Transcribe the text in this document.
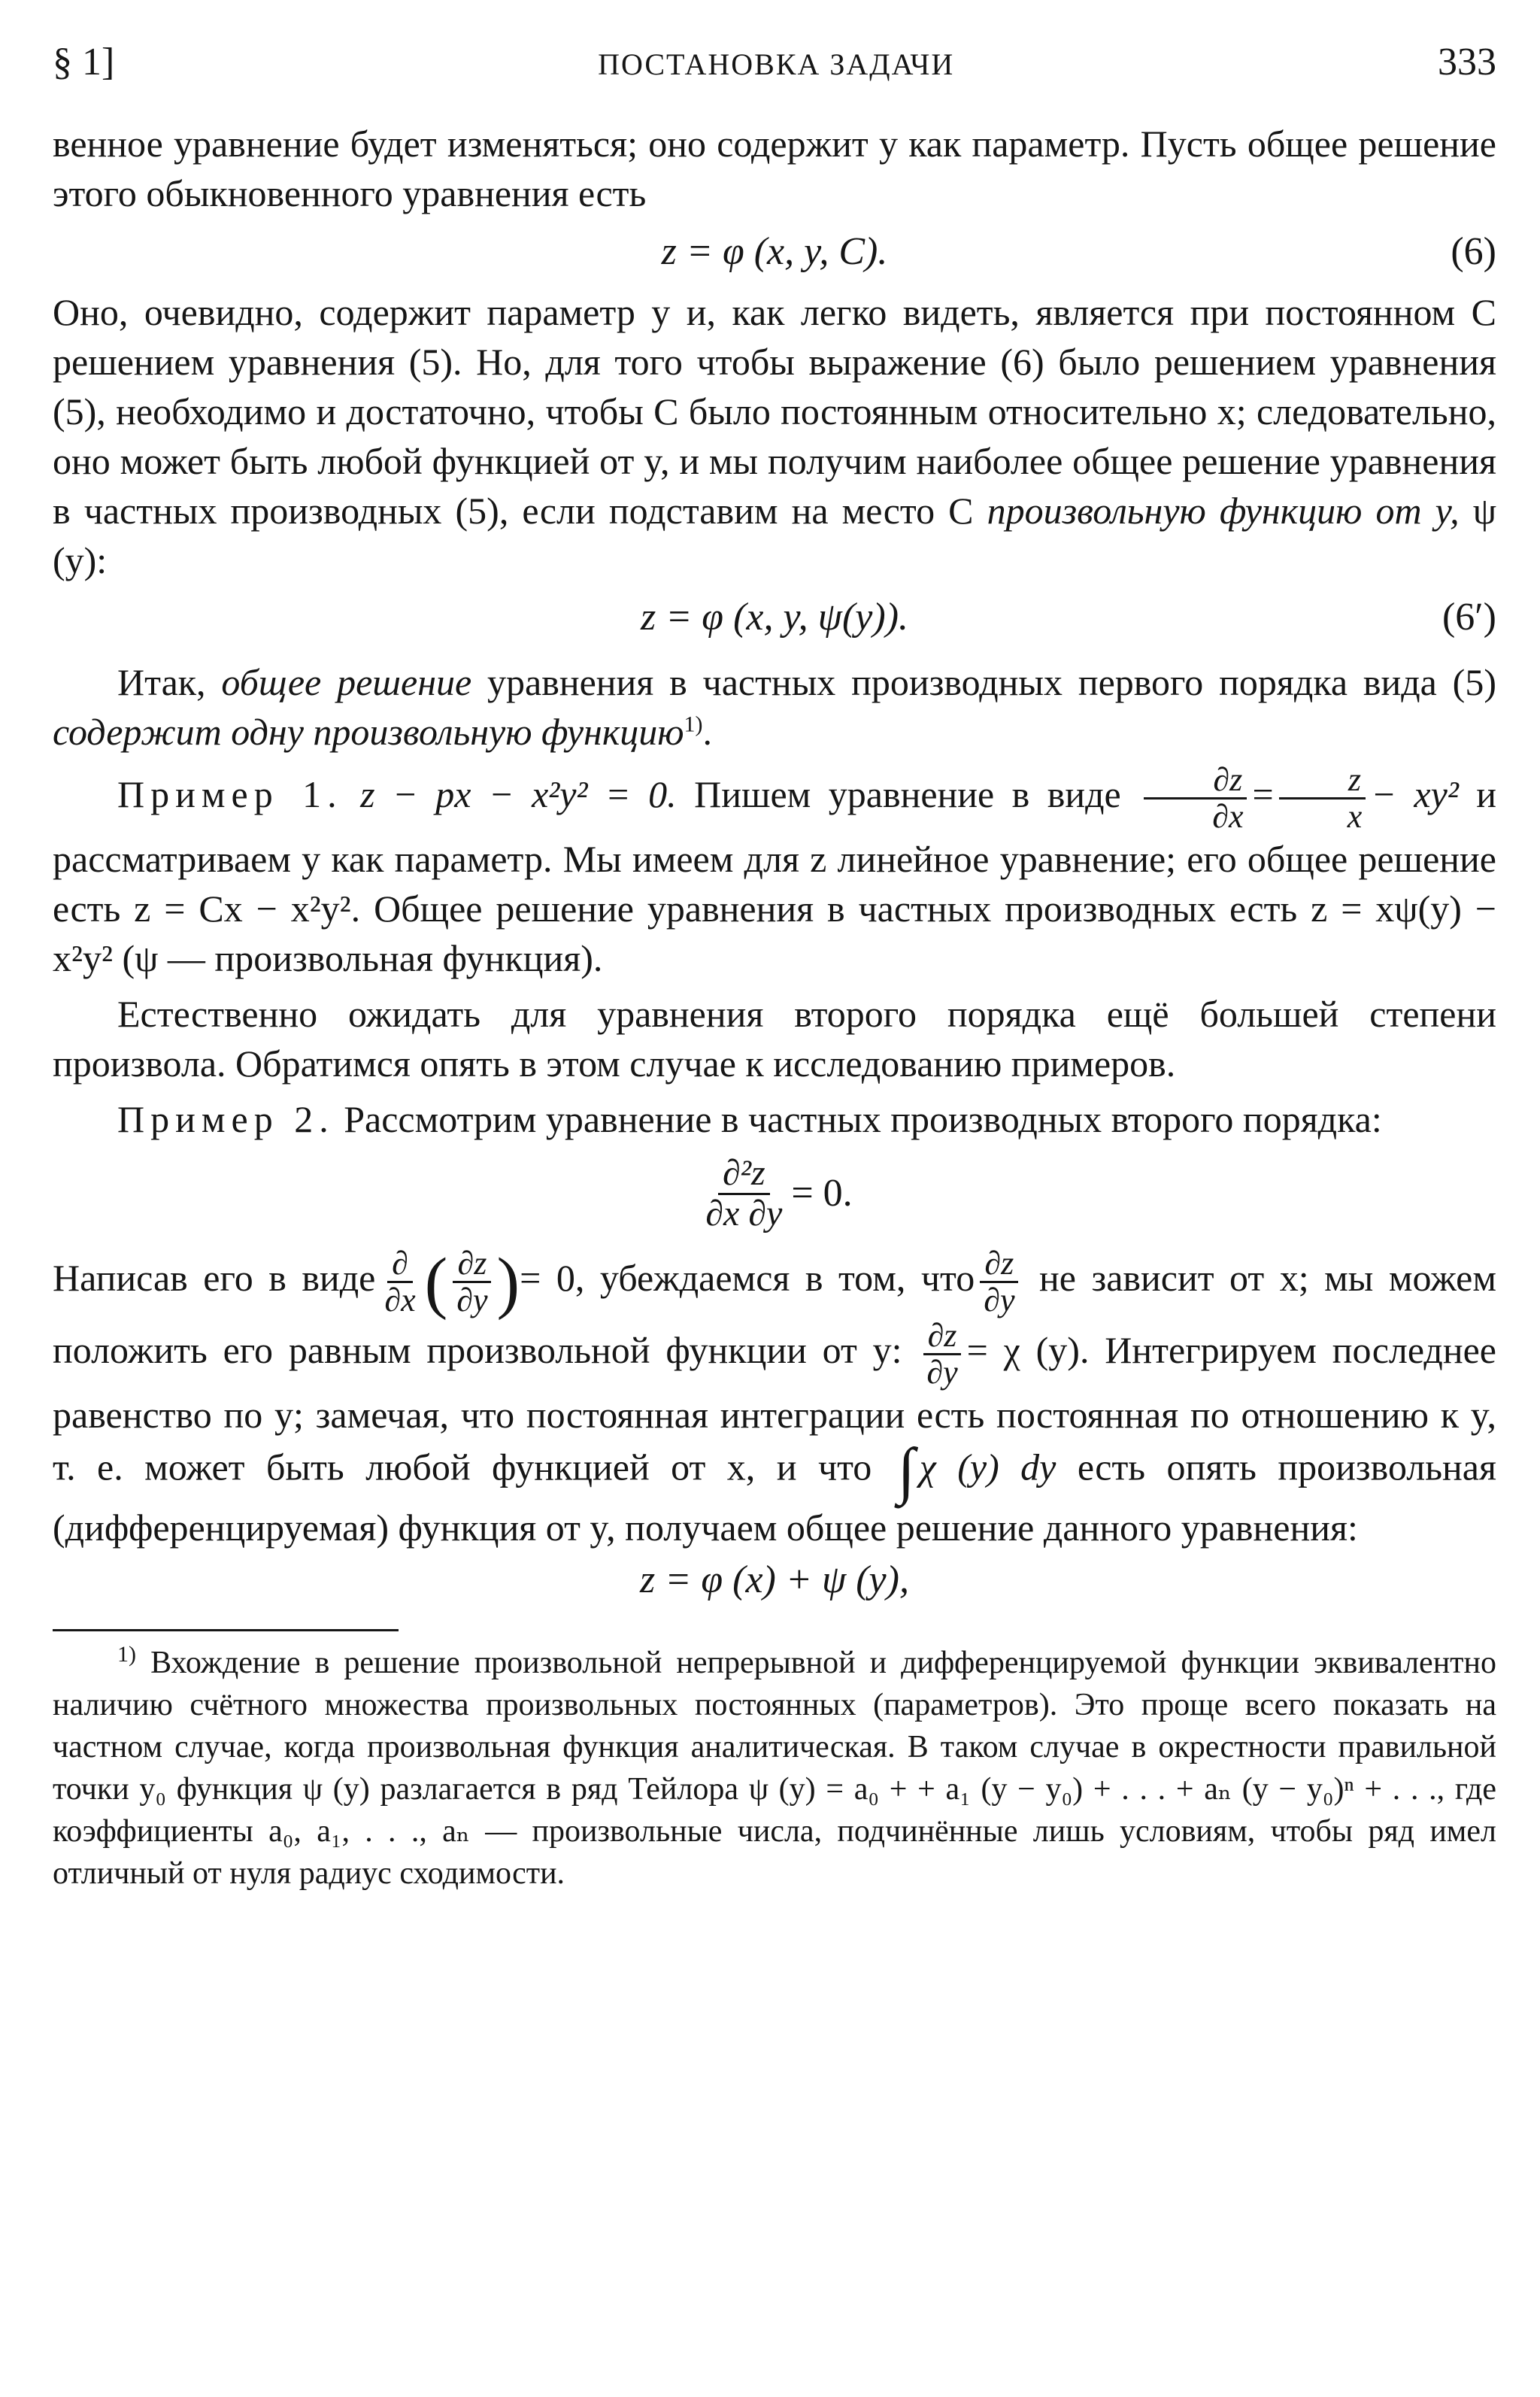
§ 1]	ПОСТАНОВКА ЗАДАЧИ	333

венное уравнение будет изменяться; оно содержит y как параметр. Пусть общее решение этого обыкновенного уравнения есть

z = φ (x, y, C).	(6)

Оно, очевидно, содержит параметр y и, как легко видеть, является при постоянном C решением уравнения (5). Но, для того чтобы выражение (6) было решением уравнения (5), необходимо и достаточно, чтобы C было постоянным относительно x; следовательно, оно может быть любой функцией от y, и мы получим наиболее общее решение уравнения в частных производных (5), если подставим на место C произвольную функцию от y, ψ (y):

z = φ (x, y, ψ(y)).	(6′)

Итак, общее решение уравнения в частных производных первого порядка вида (5) содержит одну произвольную функцию$^{1)}$.

Пример 1. z − px − x²y² = 0. Пишем уравнение в виде $\frac{\partial z}{\partial x} = \frac{z}{x} - xy^2$ и рассматриваем y как параметр. Мы имеем для z линейное уравнение; его общее решение есть z = Cx − x²y². Общее решение уравнения в частных производных есть z = xψ(y) − x²y² (ψ — произвольная функция).

Естественно ожидать для уравнения второго порядка ещё большей степени произвола. Обратимся опять в этом случае к исследованию примеров.

Пример 2. Рассмотрим уравнение в частных производных второго порядка:

$\frac{\text{∂²z}}{\partial x \partial y} = 0$.

Написав его в виде $\frac{\partial}{\partial x}$ ( $\frac{\partial z}{\partial y}$ )= 0, убеждаемся в том, что $\frac{\partial z}{\partial y}$ не зависит от x; мы можем положить его равным произвольной функции от y: $\frac{\partial z}{\partial y} = \chi$ (y). Интегрируем последнее равенство по y; замечая, что постоянная интеграции есть постоянная по отношению к y, т. е. может быть любой функцией от x, и что ∫ χ (y) dy есть опять произвольная (дифференцируемая) функция от y, получаем общее решение данного уравнения:

z = φ (x) + ψ (y),

$^{1)}$ Вхождение в решение произвольной непрерывной и дифференцируемой функции эквивалентно наличию счётного множества произвольных постоянных (параметров). Это проще всего показать на частном случае, когда произвольная функция аналитическая. В таком случае в окрестности правильной точки y₀ функция ψ (y) разлагается в ряд Тейлора ψ (y) = a₀ + + a₁ (y − y₀) + . . . + aₙ (y − y₀)ⁿ + . . ., где коэффициенты a₀, a₁, . . ., aₙ — произвольные числа, подчинённые лишь условиям, чтобы ряд имел отличный от нуля радиус сходимости.
